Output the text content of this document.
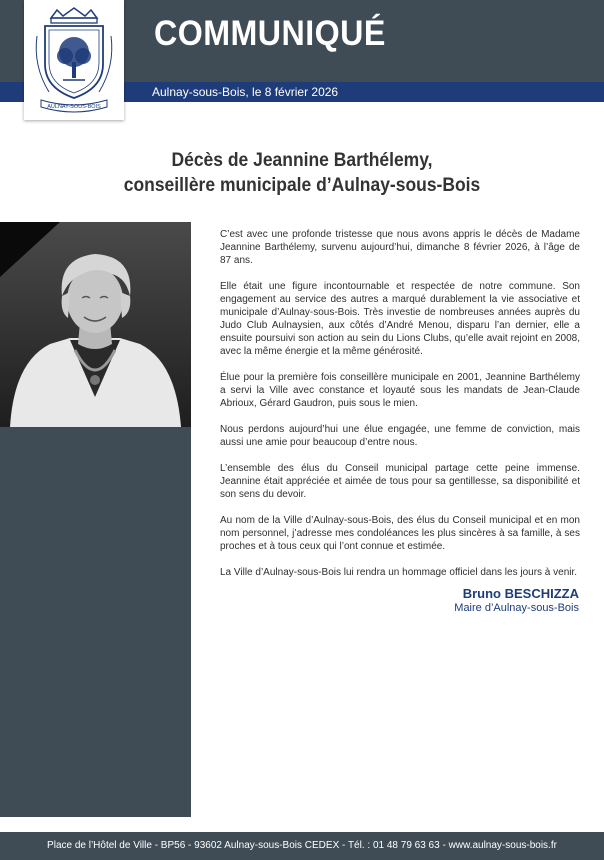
COMMUNIQUÉ
Aulnay-sous-Bois, le 8 février 2026
AULNAY-SOUS-BOIS
Décès de Jeannine Barthélemy,
conseillère municipale d’Aulnay-sous-Bois

C’est avec une profonde tristesse que nous avons appris le décès de Madame Jeannine Barthélemy, survenu aujourd’hui, dimanche 8 février 2026, à l’âge de 87 ans.

Elle était une figure incontournable et respectée de notre commune. Son engagement au service des autres a marqué durablement la vie associative et municipale d’Aulnay-sous-Bois. Très investie de nombreuses années auprès du Judo Club Aulnaysien, aux côtés d’André Menou, disparu l’an dernier, elle a ensuite poursuivi son action au sein du Lions Clubs, qu’elle avait rejoint en 2008, avec la même énergie et la même générosité.

Élue pour la première fois conseillère municipale en 2001, Jeannine Barthélemy a servi la Ville avec constance et loyauté sous les mandats de Jean-Claude Abrioux, Gérard Gaudron, puis sous le mien.

Nous perdons aujourd’hui une élue engagée, une femme de conviction, mais aussi une amie pour beaucoup d’entre nous.

L’ensemble des élus du Conseil municipal partage cette peine immense. Jeannine était appréciée et aimée de tous pour sa gentillesse, sa disponibilité et son sens du devoir.

Au nom de la Ville d’Aulnay-sous-Bois, des élus du Conseil municipal et en mon nom personnel, j’adresse mes condoléances les plus sincères à sa famille, à ses proches et à tous ceux qui l’ont connue et estimée.

La Ville d’Aulnay-sous-Bois lui rendra un hommage officiel dans les jours à venir.

Bruno BESCHIZZA
Maire d’Aulnay-sous-Bois
Place de l’Hôtel de Ville - BP56 - 93602 Aulnay-sous-Bois CEDEX - Tél. : 01 48 79 63 63 - www.aulnay-sous-bois.fr
